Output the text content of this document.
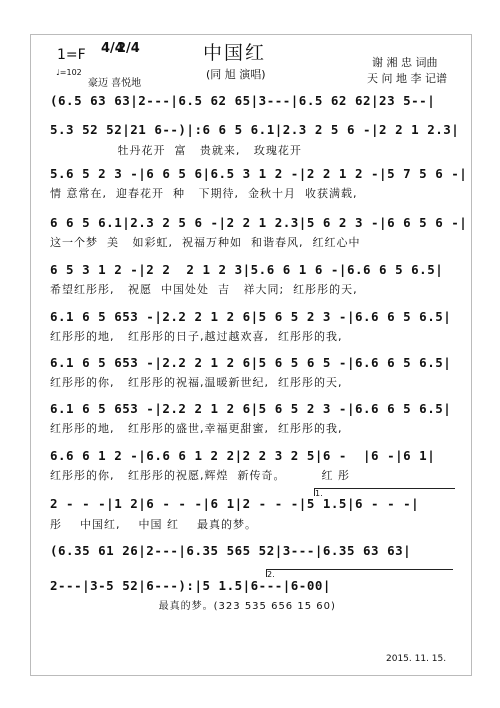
中国红
(同 旭 演唱)
1=F 4/4
2/4
♩=102
豪迈 喜悦地
谢 湘 忠 词曲
天 问 地 李 记谱
(6.5 63 63|2---|6.5 62 65|3---|6.5 62 62|23 5--|
5.3 52 52|21 6--)|:6 6 5 6.1|2.3 2 5 6 -|2 2 1 2.3|
牡丹花开  富   贵就来,   玫瑰花开
5.6 5 2 3 -|6 6 5 6|6.5 3 1 2 -|2 2 1 2 -|5 7 5 6 -|
情 意常在,  迎春花开  种   下期待,  金秋十月  收获满载,
6 6 5 6.1|2.3 2 5 6 -|2 2 1 2.3|5 6 2 3 -|6 6 5 6 -|
这一个梦  美   如彩虹,  祝福万种如  和谐春风,  红红心中
6 5 3 1 2 -|2 2  2 1 2 3|5.6 6 1 6 -|6.6 6 5 6.5|
希望红彤彤,   祝愿  中国处处  吉   祥大同;  红彤彤的天,
6.1 6 5 653 -|2.2 2 1 2 6|5 6 5 2 3 -|6.6 6 5 6.5|
红彤彤的地,   红彤彤的日子,越过越欢喜,  红彤彤的我,
6.1 6 5 653 -|2.2 2 1 2 6|5 6 5 6 5 -|6.6 6 5 6.5|
红彤彤的你,   红彤彤的祝福,温暖新世纪,  红彤彤的天,
6.1 6 5 653 -|2.2 2 1 2 6|5 6 5 2 3 -|6.6 6 5 6.5|
红彤彤的地,   红彤彤的盛世,幸福更甜蜜,  红彤彤的我,
6.6 6 1 2 -|6.6 6 1 2 2|2 2 3 2 5|6 -  |6 -|6 1|
红彤彤的你,   红彤彤的祝愿,辉煌  新传奇。        红 彤
1.
2 - - -|1 2|6 - - -|6 1|2 - - -|5 1.5|6 - - -|
彤    中国红,    中国 红    最真的梦。
(6.35 61 26|2---|6.35 565 52|3---|6.35 63 63|
2.
2---|3-5 52|6---):|5 1.5|6---|6-00|
最真的梦。(323 535 656 15 60)
2015. 11. 15.
